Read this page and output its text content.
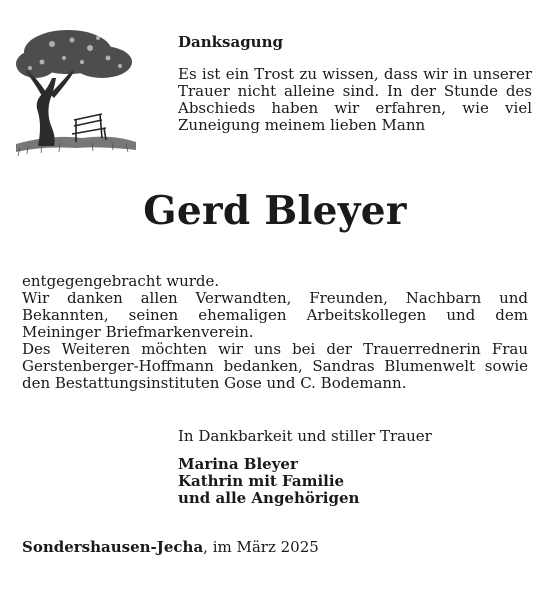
Danksagung

Es ist ein Trost zu wissen, dass wir in unserer Trauer nicht alleine sind. In der Stunde des Abschieds haben wir erfahren, wie viel Zuneigung meinem lieben Mann

Gerd Bleyer
entgegengebracht wurde.
Wir danken allen Verwandten, Freunden, Nachbarn und Bekannten, seinen ehemaligen Arbeitskollegen und dem Meininger Briefmarkenverein.
Des Weiteren möchten wir uns bei der Trauerrednerin Frau Gerstenberger-Hoffmann bedanken, Sandras Blumenwelt sowie den Bestattungsinstituten Gose und C. Bodemann.

In Dankbarkeit und stiller Trauer

Marina Bleyer
Kathrin mit Familie
und alle Angehörigen

Sondershausen-Jecha, im März 2025
